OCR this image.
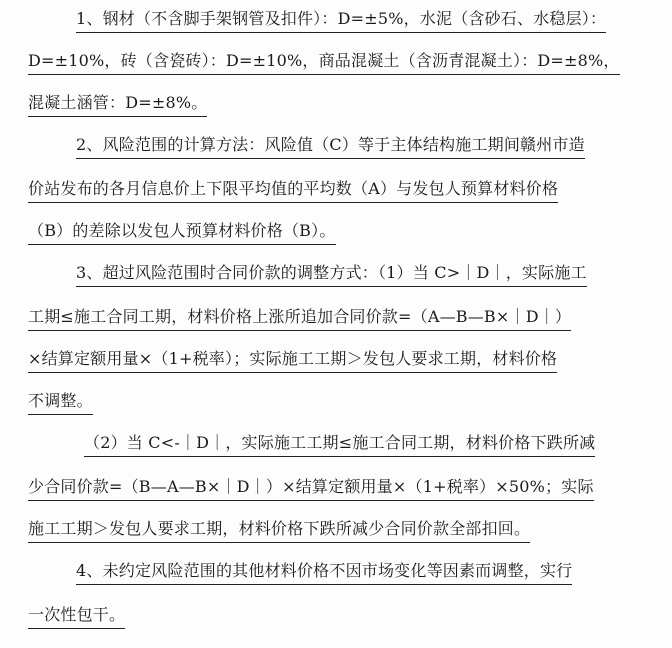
1、钢材（不含脚手架钢管及扣件）：D=±5%，水泥（含砂石、水稳层）：
D=±10%，砖（含瓷砖）：D=±10%，商品混凝土（含沥青混凝土）：D=±8%，
混凝土涵管：D=±8%。
2、风险范围的计算方法：风险值（C）等于主体结构施工期间赣州市造
价站发布的各月信息价上下限平均值的平均数（A）与发包人预算材料价格
（B）的差除以发包人预算材料价格（B）。
3、超过风险范围时合同价款的调整方式：（1）当 C>｜D｜，实际施工
工期≤施工合同工期，材料价格上涨所追加合同价款=（A—B—B×｜D｜）
×结算定额用量×（1+税率）；实际施工工期＞发包人要求工期，材料价格
不调整。
（2）当 C<-｜D｜，实际施工工期≤施工合同工期，材料价格下跌所减
少合同价款=（B—A—B×｜D｜）×结算定额用量×（1+税率）×50%；实际
施工工期＞发包人要求工期，材料价格下跌所减少合同价款全部扣回。
4、未约定风险范围的其他材料价格不因市场变化等因素而调整，实行
一次性包干。
